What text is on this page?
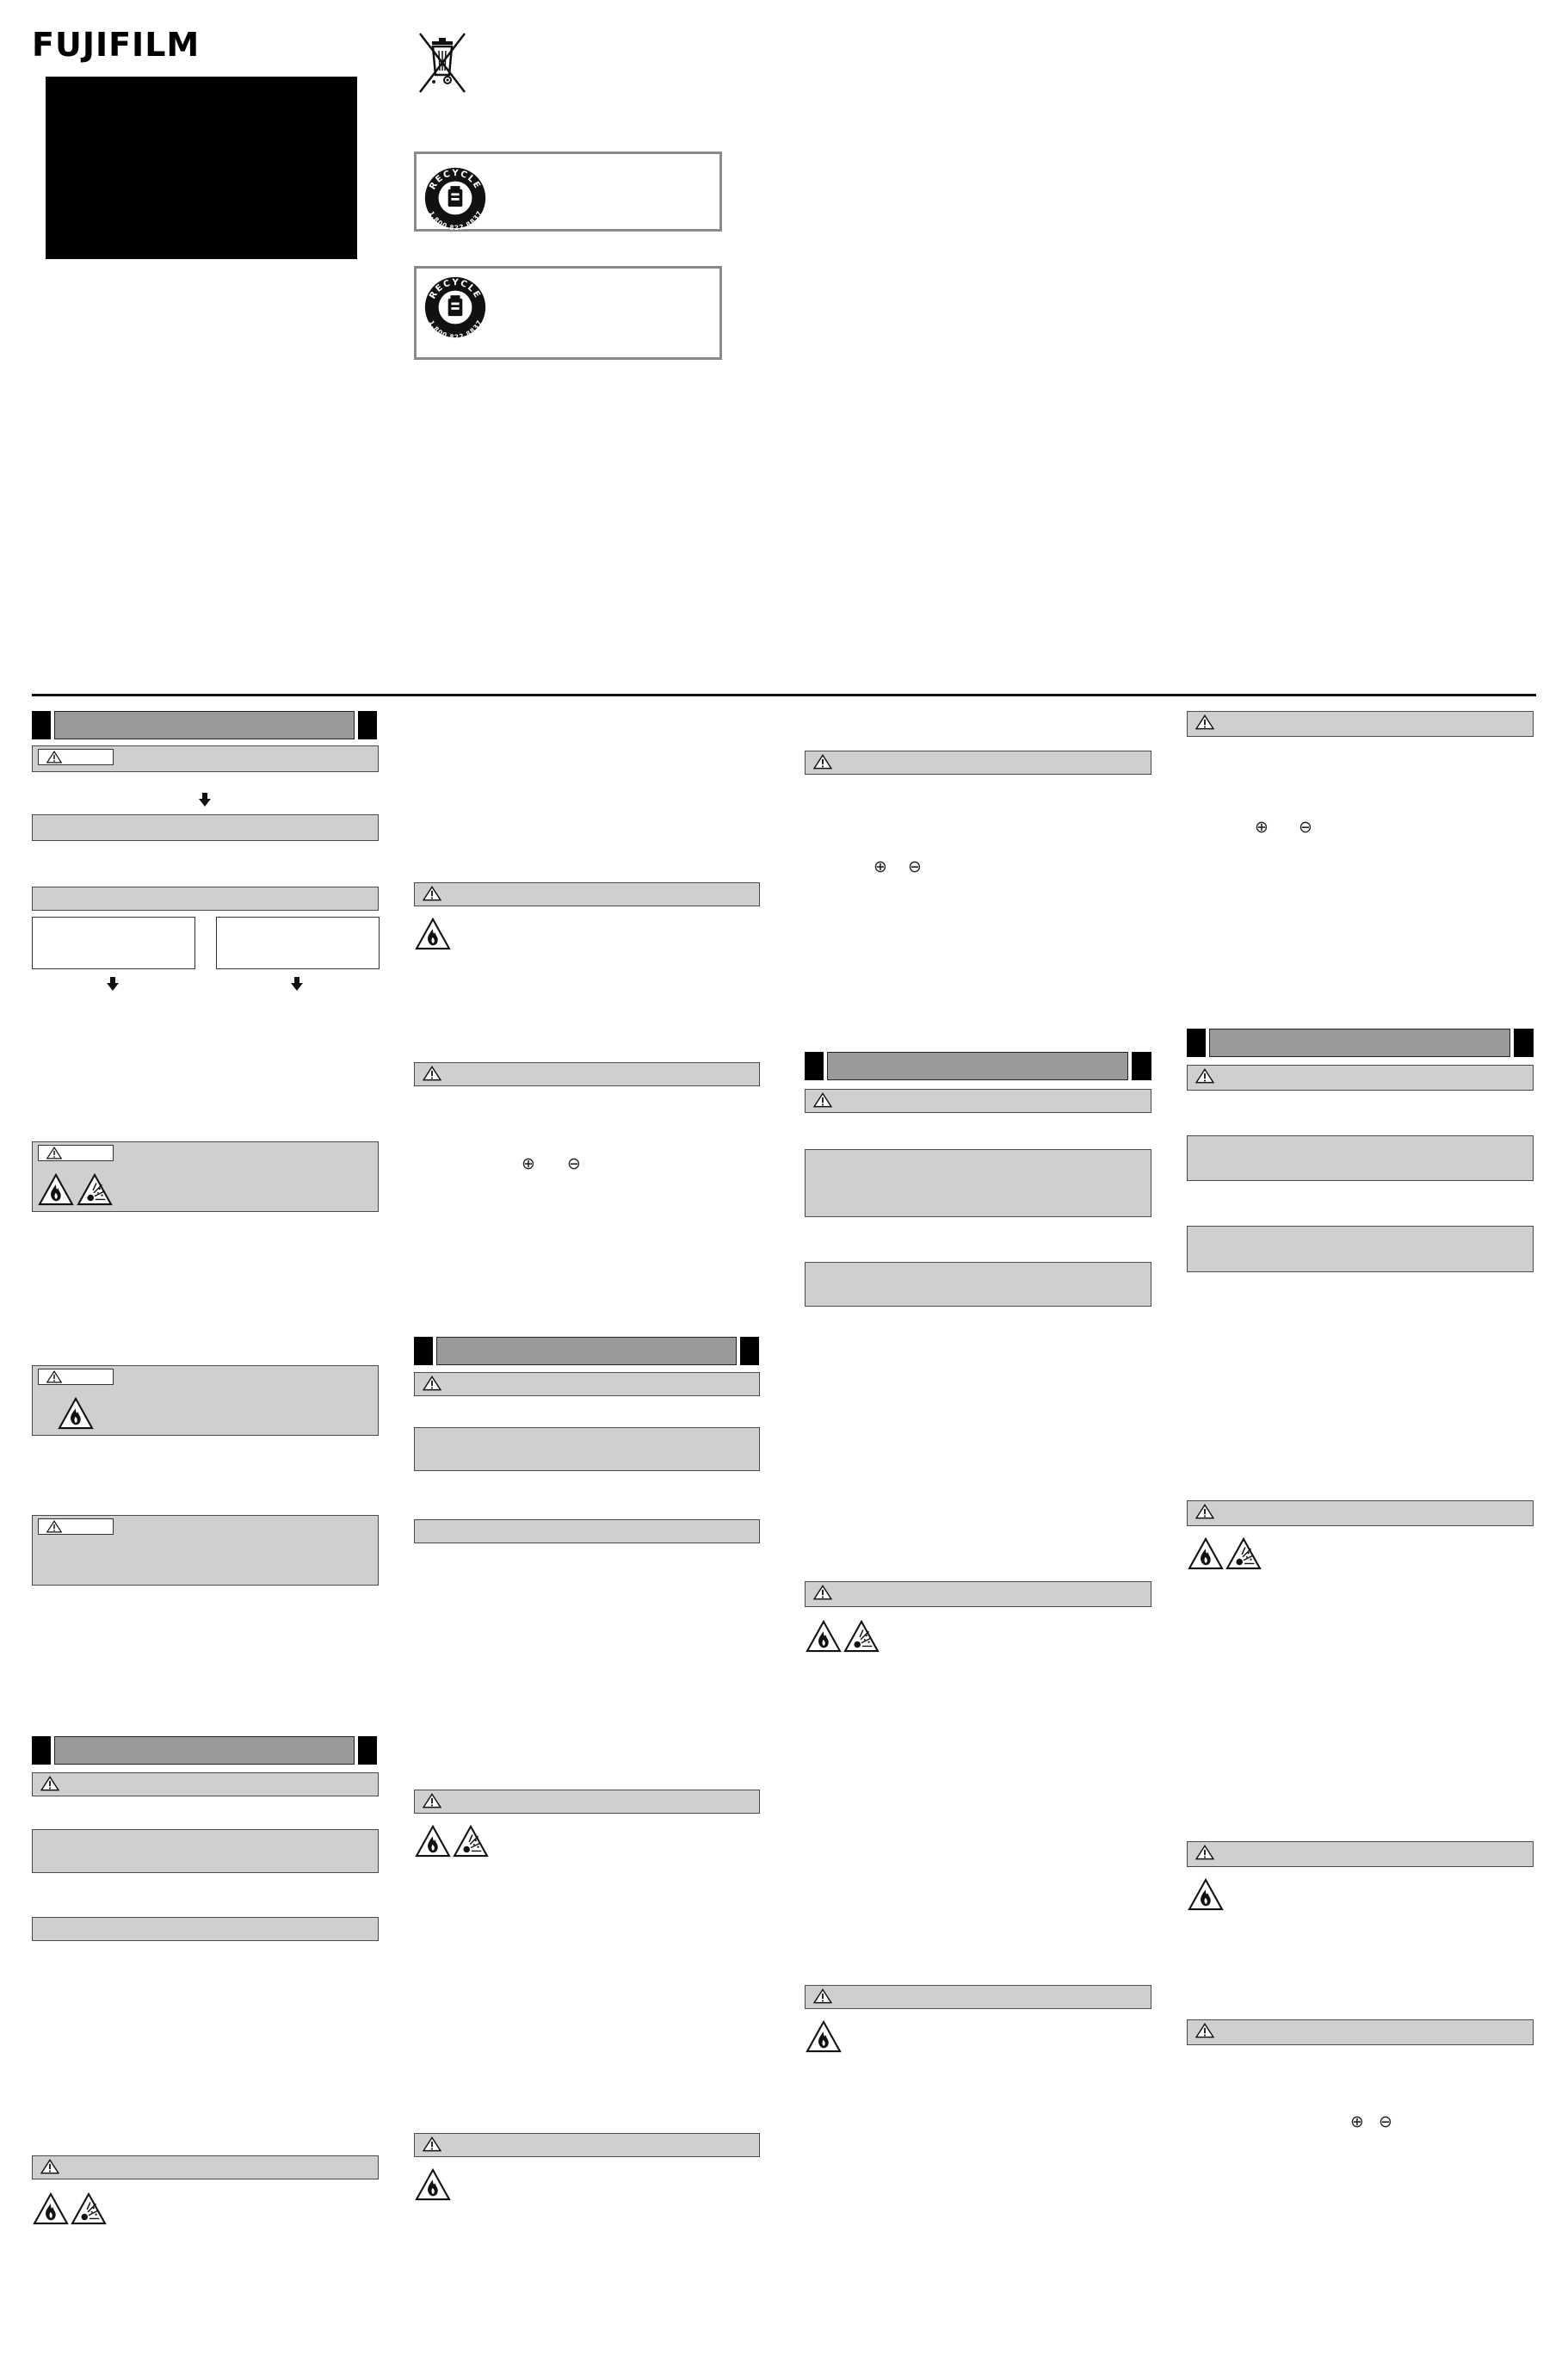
FUJIFILM
RECYCLE
1.800.822.8837
RECYCLE
1.800.822.8837
⊕ ⊖
⊕ ⊖
⊕ ⊖
⊕ ⊖
